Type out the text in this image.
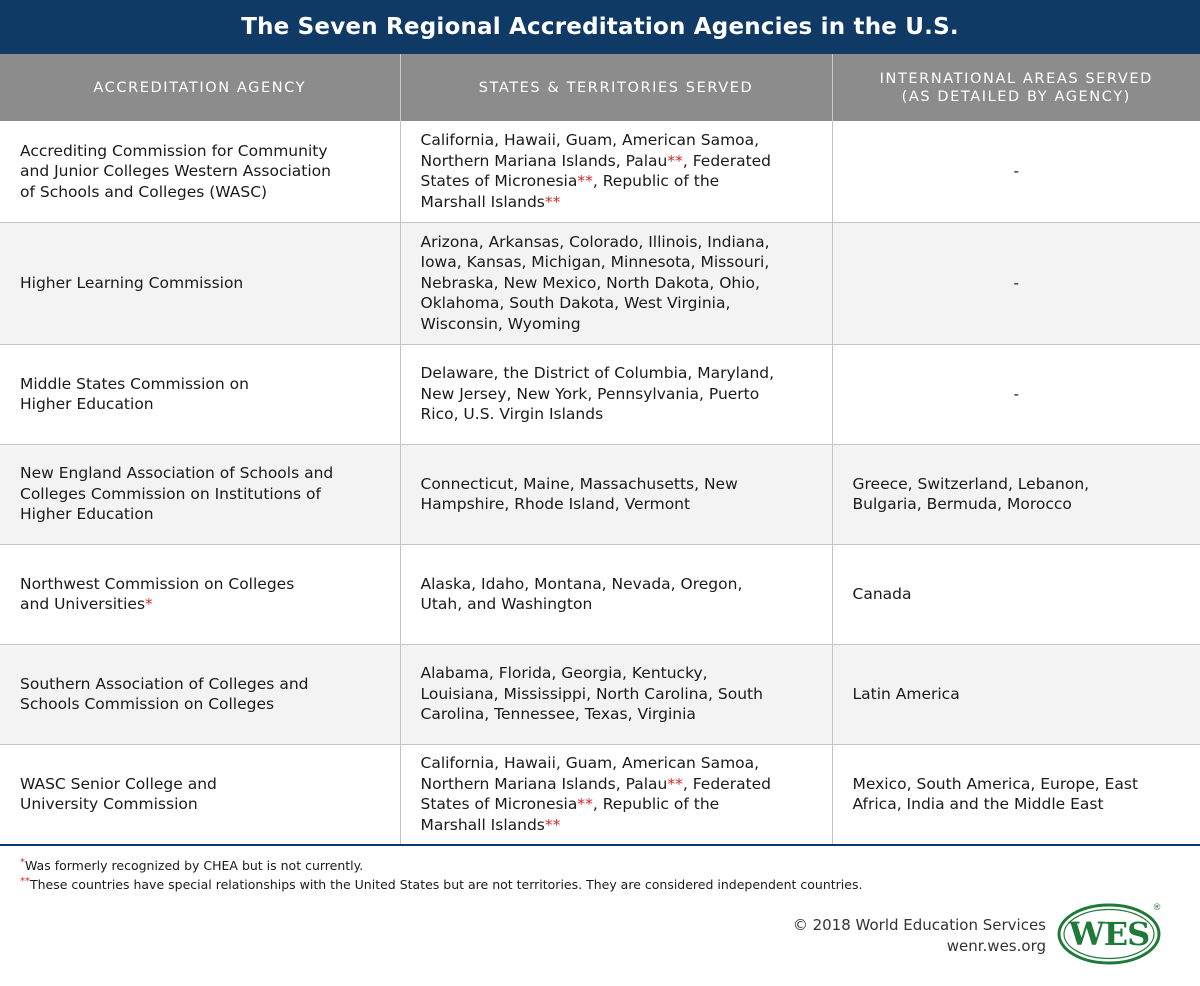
The Seven Regional Accreditation Agencies in the U.S.
ACCREDITATION AGENCY	STATES & TERRITORIES SERVED	INTERNATIONAL AREAS SERVED
(AS DETAILED BY AGENCY)
Accrediting Commission for Community
and Junior Colleges Western Association
of Schools and Colleges (WASC)	California, Hawaii, Guam, American Samoa,
Northern Mariana Islands, Palau**, Federated
States of Micronesia**, Republic of the
Marshall Islands**	-
Higher Learning Commission	Arizona, Arkansas, Colorado, Illinois, Indiana,
Iowa, Kansas, Michigan, Minnesota, Missouri,
Nebraska, New Mexico, North Dakota, Ohio,
Oklahoma, South Dakota, West Virginia,
Wisconsin, Wyoming	-
Middle States Commission on
Higher Education	Delaware, the District of Columbia, Maryland,
New Jersey, New York, Pennsylvania, Puerto
Rico, U.S. Virgin Islands	-
New England Association of Schools and
Colleges Commission on Institutions of
Higher Education	Connecticut, Maine, Massachusetts, New
Hampshire, Rhode Island, Vermont	Greece, Switzerland, Lebanon,
Bulgaria, Bermuda, Morocco
Northwest Commission on Colleges
and Universities*	Alaska, Idaho, Montana, Nevada, Oregon,
Utah, and Washington	Canada
Southern Association of Colleges and
Schools Commission on Colleges	Alabama, Florida, Georgia, Kentucky,
Louisiana, Mississippi, North Carolina, South
Carolina, Tennessee, Texas, Virginia	Latin America
WASC Senior College and
University Commission	California, Hawaii, Guam, American Samoa,
Northern Mariana Islands, Palau**, Federated
States of Micronesia**, Republic of the
Marshall Islands**	Mexico, South America, Europe, East
Africa, India and the Middle East
*Was formerly recognized by CHEA but is not currently.
**These countries have special relationships with the United States but are not territories. They are considered independent countries.
© 2018 World Education Services
wenr.wes.org WES
®
